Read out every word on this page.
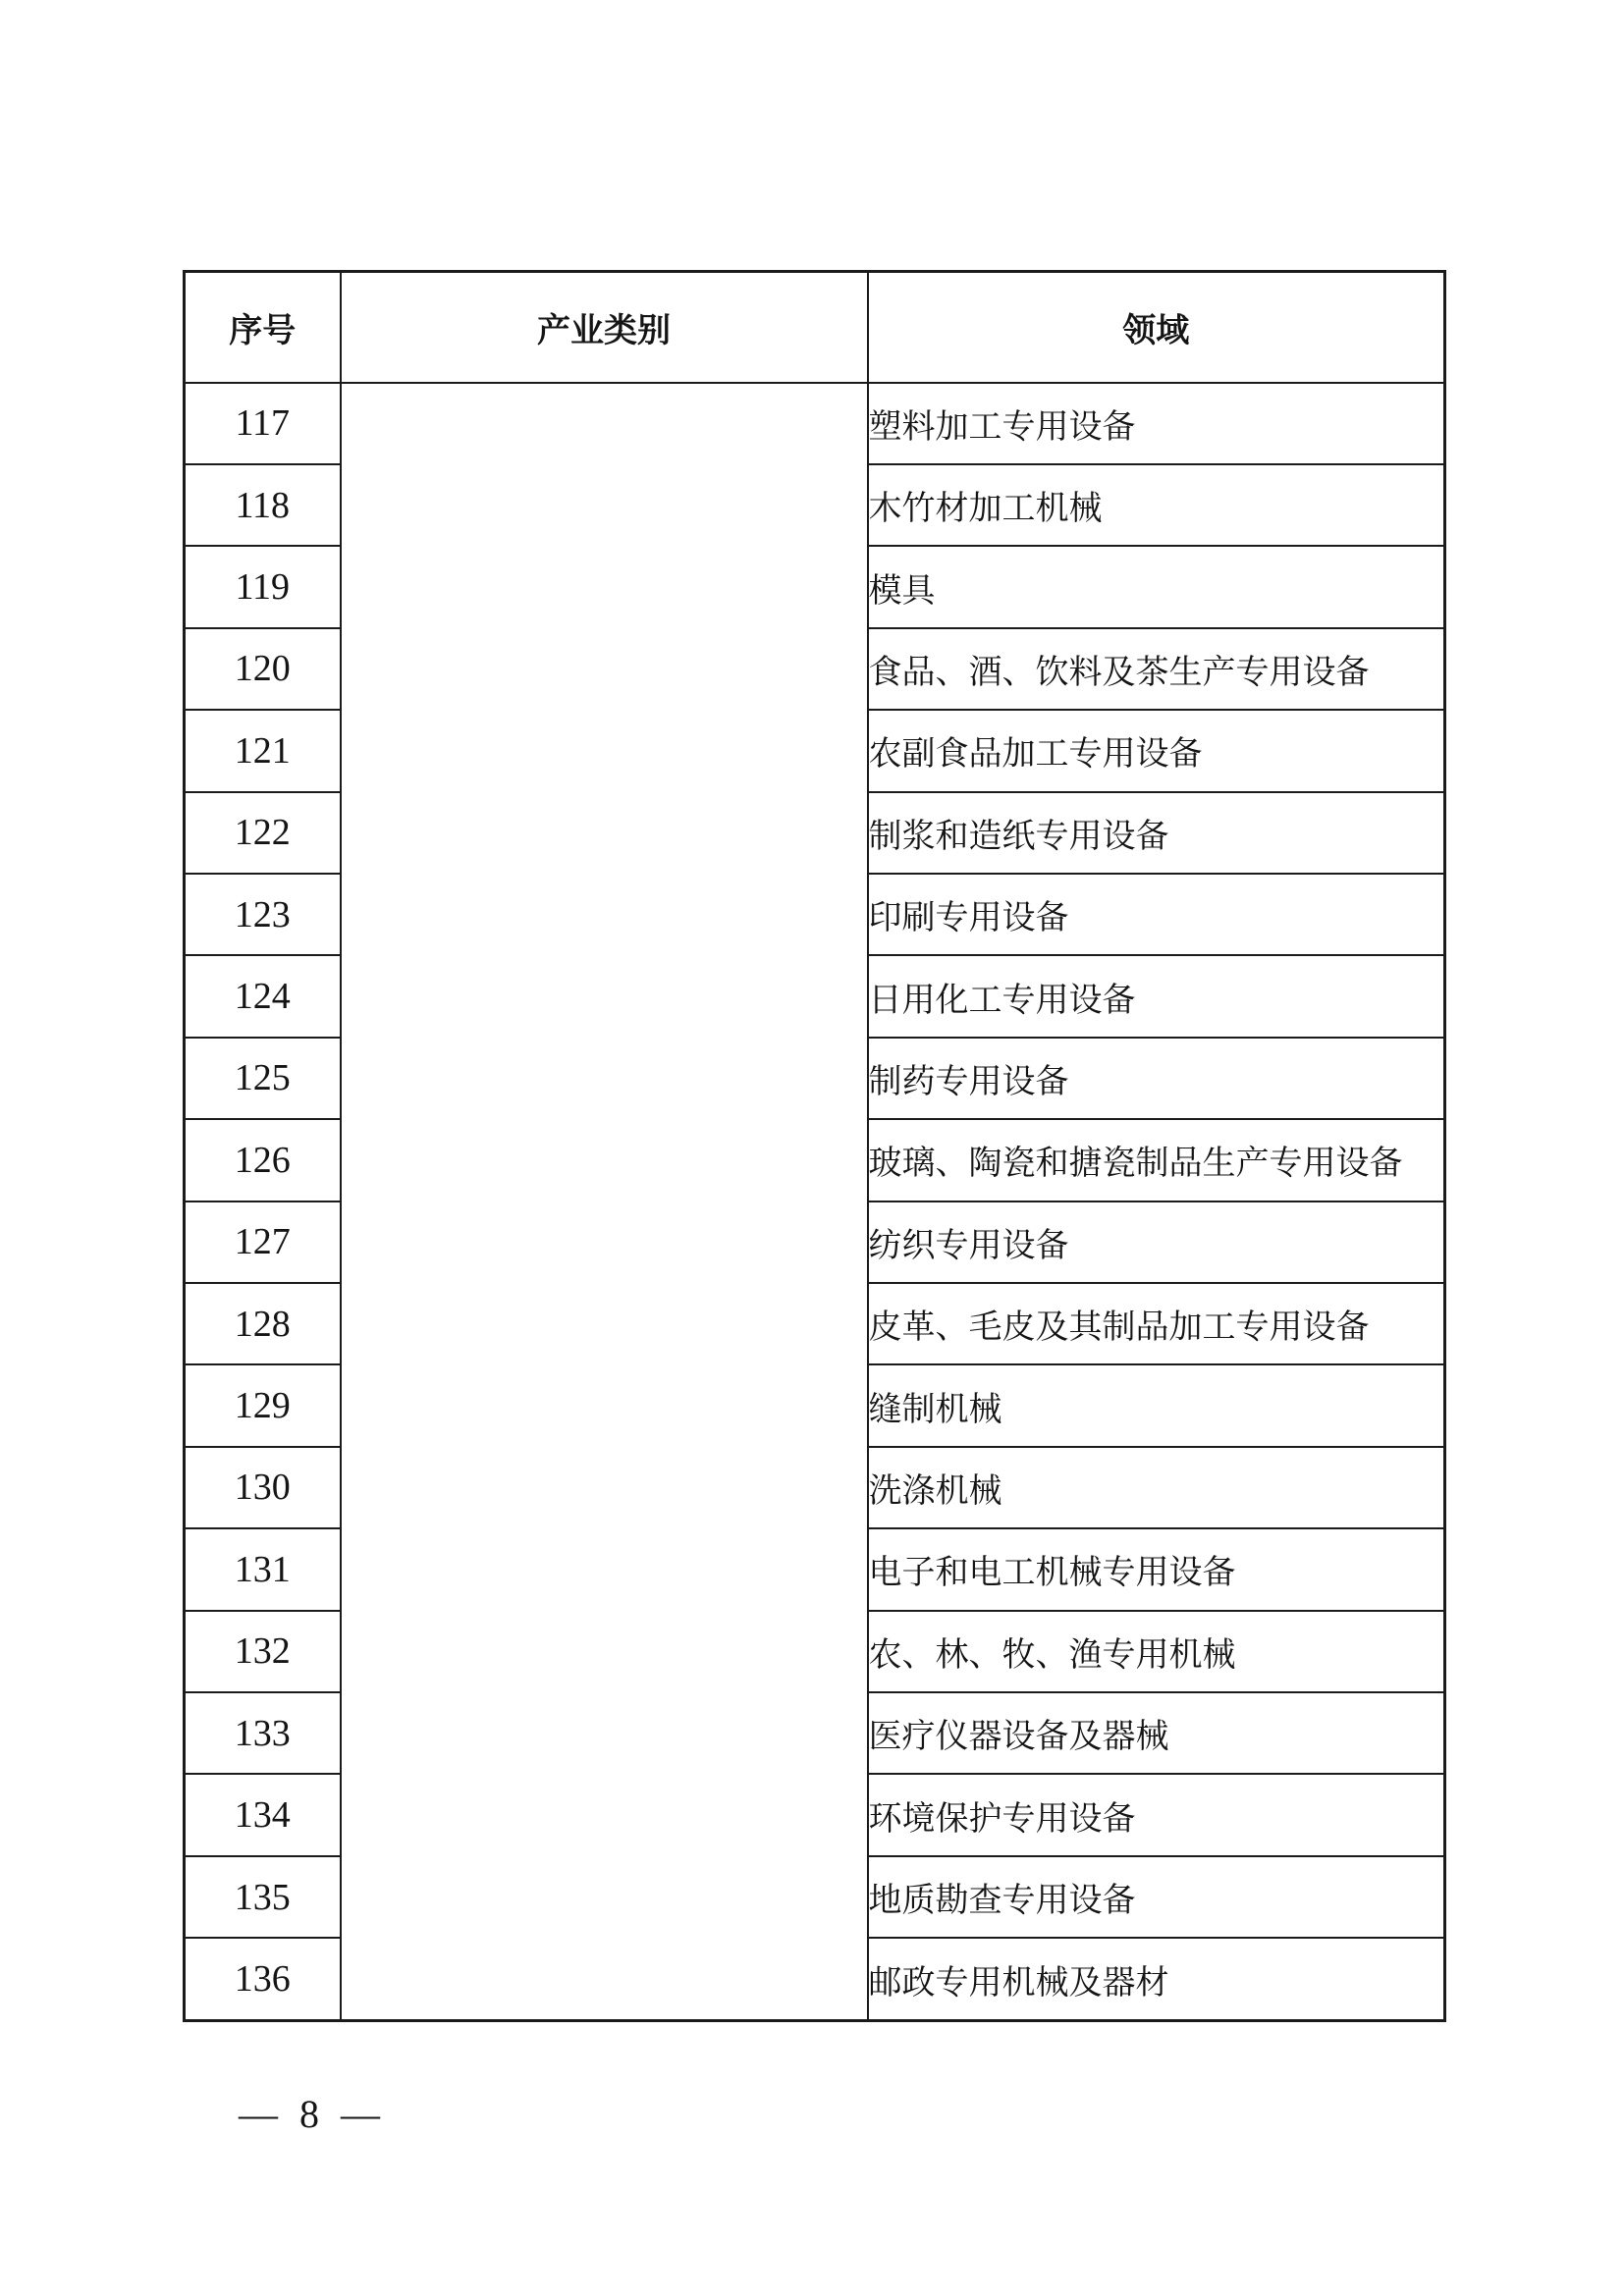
序号	产业类别	领域
117		塑料加工专用设备
118		木竹材加工机械
119		模具
120		食品、酒、饮料及茶生产专用设备
121		农副食品加工专用设备
122		制浆和造纸专用设备
123		印刷专用设备
124		日用化工专用设备
125		制药专用设备
126		玻璃、陶瓷和搪瓷制品生产专用设备
127		纺织专用设备
128		皮革、毛皮及其制品加工专用设备
129		缝制机械
130		洗涤机械
131		电子和电工机械专用设备
132		农、林、牧、渔专用机械
133		医疗仪器设备及器械
134		环境保护专用设备
135		地质勘查专用设备
136		邮政专用机械及器材
— 8 —
